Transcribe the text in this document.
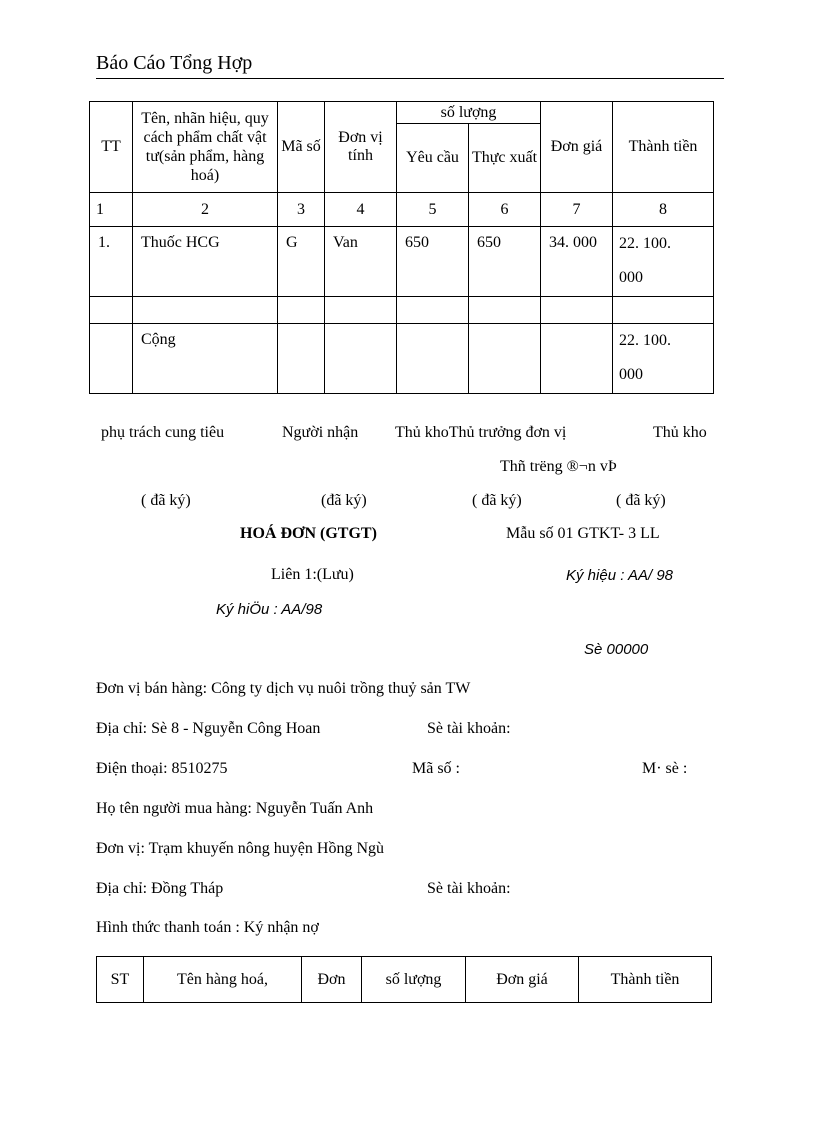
Báo Cáo Tổng Hợp
TT	Tên, nhãn hiệu, quy cách phẩm chất vật tư(sản phẩm, hàng hoá)	Mã số	Đơn vị tính	số lượng		Đơn giá	Thành tiền
				Yêu cầu	Thực xuất		
1	2	3	4	5	6	7	8
1.	Thuốc HCG	G	Van	650	650	34. 000	22. 100. 000

	Cộng						22. 100. 000
phụ trách cung tiêu	Người nhận Thủ khoThủ trưởng đơn vị	Thủ kho
Thñ trëng ®¬n vÞ
( đã ký)	(đã ký)	( đã ký)	( đã ký)
HOÁ ĐƠN (GTGT)	Mẫu số 01 GTKT- 3 LL
Liên 1:(Lưu)	Ký hiệu : AA/ 98
Ký hiÖu : AA/98
Sè 00000
Đơn vị bán hàng: Công ty dịch vụ nuôi trồng thuỷ sản TW
Địa chỉ: Sè 8 - Nguyễn Công Hoan	Sè tài khoản:
Điện thoại: 8510275	Mã số :	M· sè :
Họ tên người mua hàng: Nguyễn Tuấn Anh
Đơn vị: Trạm khuyến nông huyện Hồng Ngù
Địa chỉ: Đồng Tháp	Sè tài khoản:
Hình thức thanh toán : Ký nhận nợ
ST	Tên hàng hoá,	Đơn	số lượng	Đơn giá	Thành tiền
